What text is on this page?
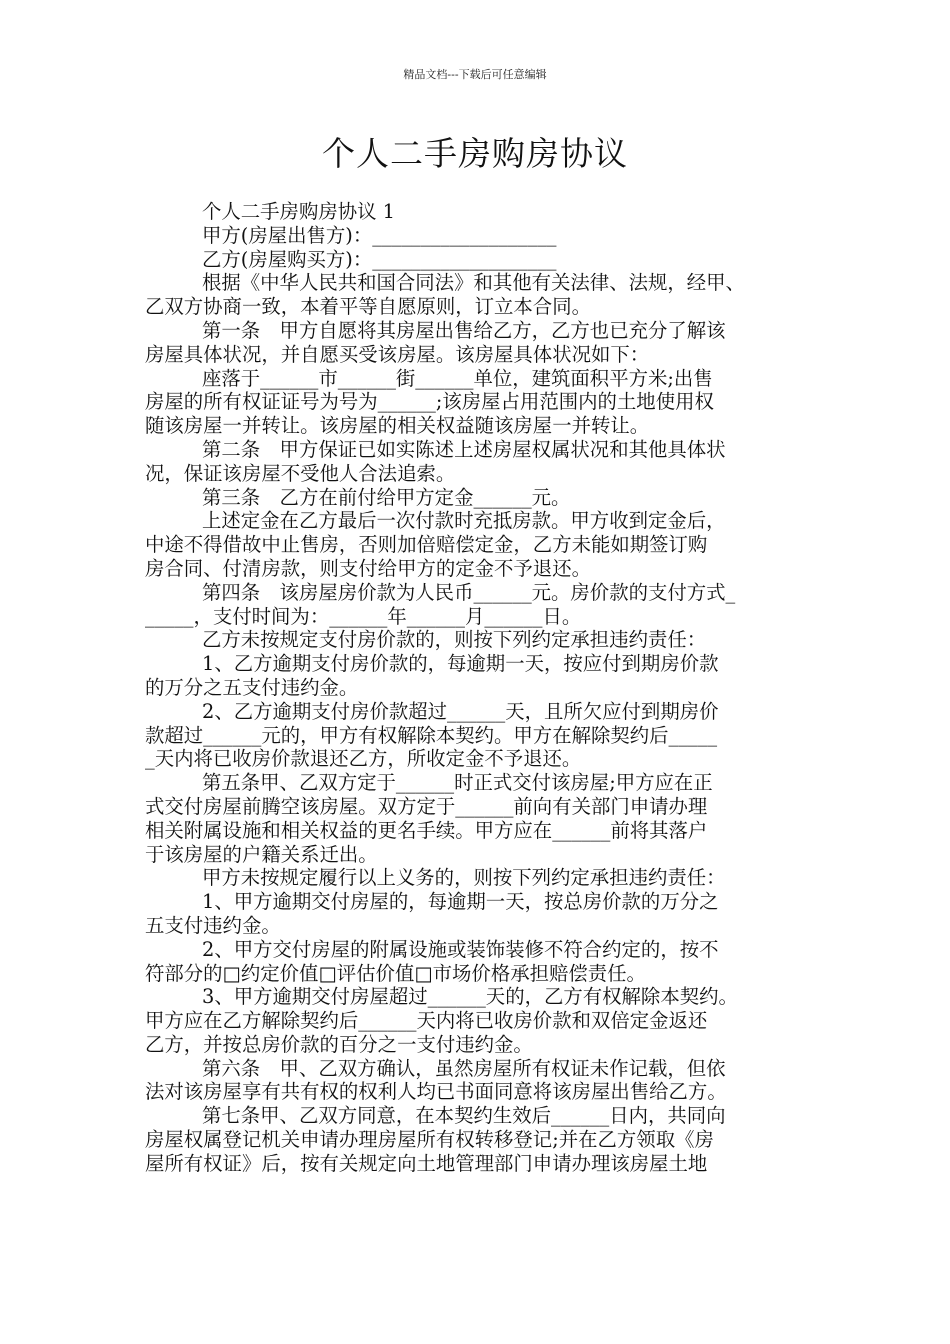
精品文档---下载后可任意编辑
个人二手房购房协议
个人二手房购房协议 1
甲方(房屋出售方)：___________________
乙方(房屋购买方)：___________________
根据《中华人民共和国合同法》和其他有关法律、法规，经甲、
乙双方协商一致，本着平等自愿原则，订立本合同。
第一条　甲方自愿将其房屋出售给乙方，乙方也已充分了解该
房屋具体状况，并自愿买受该房屋。该房屋具体状况如下：
座落于______市______街______单位，建筑面积平方米;出售
房屋的所有权证证号为号为______;该房屋占用范围内的土地使用权
随该房屋一并转让。该房屋的相关权益随该房屋一并转让。
第二条　甲方保证已如实陈述上述房屋权属状况和其他具体状
况，保证该房屋不受他人合法追索。
第三条　乙方在前付给甲方定金______元。
上述定金在乙方最后一次付款时充抵房款。甲方收到定金后，
中途不得借故中止售房，否则加倍赔偿定金，乙方未能如期签订购
房合同、付清房款，则支付给甲方的定金不予退还。
第四条　该房屋房价款为人民币______元。房价款的支付方式_
_____，支付时间为：______年______月______日。
乙方未按规定支付房价款的，则按下列约定承担违约责任：
1、乙方逾期支付房价款的，每逾期一天，按应付到期房价款
的万分之五支付违约金。
2、乙方逾期支付房价款超过______天，且所欠应付到期房价
款超过______元的，甲方有权解除本契约。甲方在解除契约后_____
_天内将已收房价款退还乙方，所收定金不予退还。
第五条甲、乙双方定于______时正式交付该房屋;甲方应在正
式交付房屋前腾空该房屋。双方定于______前向有关部门申请办理
相关附属设施和相关权益的更名手续。甲方应在______前将其落户
于该房屋的户籍关系迁出。
甲方未按规定履行以上义务的，则按下列约定承担违约责任：
1、甲方逾期交付房屋的，每逾期一天，按总房价款的万分之
五支付违约金。
2、甲方交付房屋的附属设施或装饰装修不符合约定的，按不
符部分的□约定价值□评估价值□市场价格承担赔偿责任。
3、甲方逾期交付房屋超过______天的，乙方有权解除本契约。
甲方应在乙方解除契约后______天内将已收房价款和双倍定金返还
乙方，并按总房价款的百分之一支付违约金。
第六条　甲、乙双方确认，虽然房屋所有权证未作记载，但依
法对该房屋享有共有权的权利人均已书面同意将该房屋出售给乙方。
第七条甲、乙双方同意，在本契约生效后______日内，共同向
房屋权属登记机关申请办理房屋所有权转移登记;并在乙方领取《房
屋所有权证》后，按有关规定向土地管理部门申请办理该房屋土地
